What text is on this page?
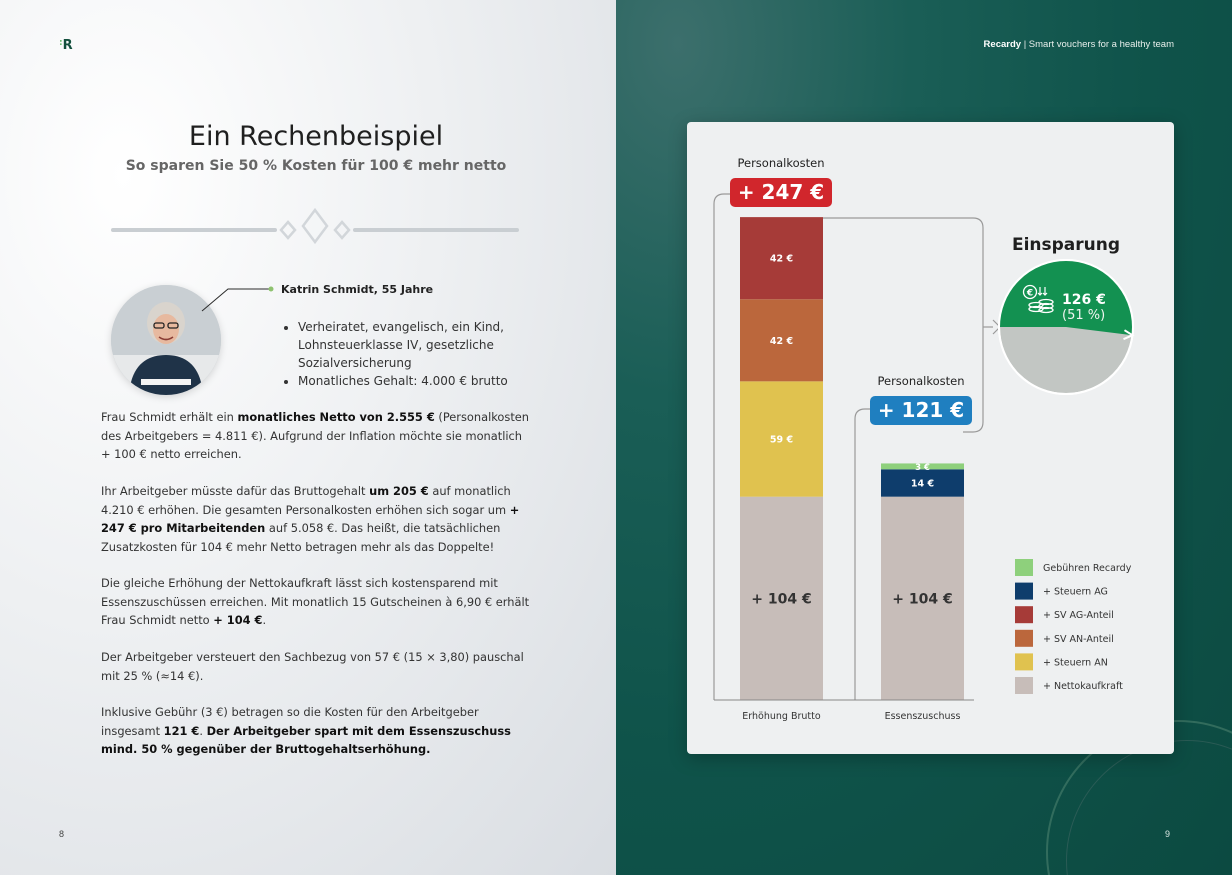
:R
Ein Rechenbeispiel
So sparen Sie 50 % Kosten für 100 € mehr netto
Katrin Schmidt, 55 Jahre
• Verheiratet, evangelisch, ein Kind, Lohnsteuerklasse IV, gesetzliche Sozialversicherung
• Monatliches Gehalt: 4.000 € brutto

Frau Schmidt erhält ein monatliches Netto von 2.555 € (Personalkosten des Arbeitgebers = 4.811 €). Aufgrund der Inflation möchte sie monatlich + 100 € netto erreichen.

Ihr Arbeitgeber müsste dafür das Bruttogehalt um 205 € auf monatlich 4.210 € erhöhen. Die gesamten Personalkosten erhöhen sich sogar um + 247 € pro Mitarbeitenden auf 5.058 €. Das heißt, die tatsächlichen Zusatzkosten für 104 € mehr Netto betragen mehr als das Doppelte!

Die gleiche Erhöhung der Nettokaufkraft lässt sich kostensparend mit Essenszuschüssen erreichen. Mit monatlich 15 Gutscheinen à 6,90 € erhält Frau Schmidt netto + 104 €.

Der Arbeitgeber versteuert den Sachbezug von 57 € (15 × 3,80) pauschal mit 25 % (≈14 €).

Inklusive Gebühr (3 €) betragen so die Kosten für den Arbeitgeber insgesamt 121 €. Der Arbeitgeber spart mit dem Essenszuschuss mind. 50 % gegenüber der Bruttogehaltserhöhung.

8	9
Recardy | Smart vouchers for a healthy team
+ 104 €
59 €
42 €
42 €
Erhöhung Brutto
+ 104 €
14 €
3 €
Essenszuschuss
Personalkosten
+ 247 €
Personalkosten
+ 121 €
Einsparung
€ 126 €
(51 %)
Gebühren Recardy
+ Steuern AG
+ SV AG-Anteil
+ SV AN-Anteil
+ Steuern AN
+ Nettokaufkraft
